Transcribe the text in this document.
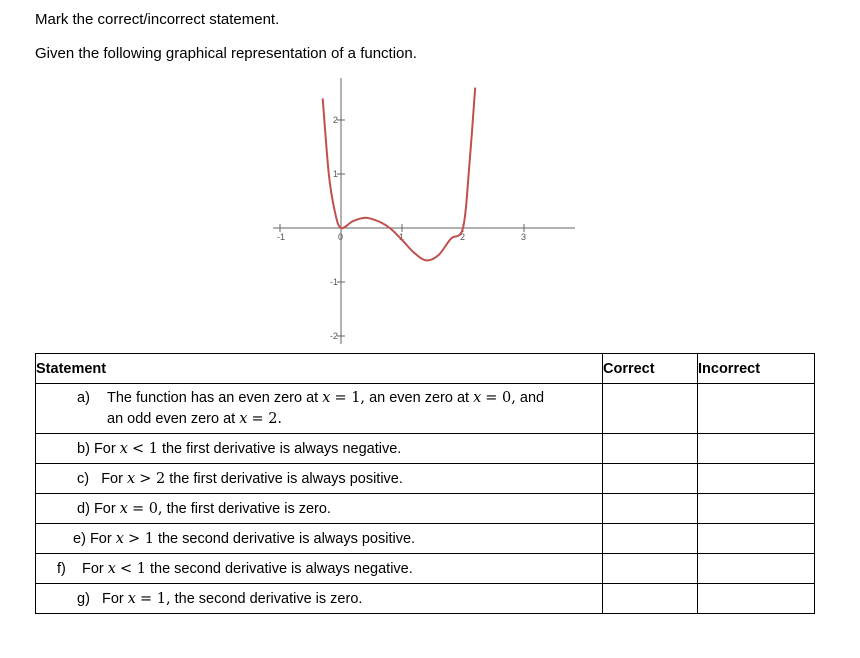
Mark the correct/incorrect statement.
Given the following graphical representation of a function.
-1	0	1	2	3
2
1
-1
-2
Statement	Correct	Incorrect

a) The function has an even zero at x = 1, an even zero at x = 0, and
an odd even zero at x = 2.		

b) For x < 1 the first derivative is always negative.		

c) For x > 2 the first derivative is always positive.		

d) For x = 0, the first derivative is zero.		

e) For x > 1 the second derivative is always positive.		

f) For x < 1 the second derivative is always negative.		

g) For x = 1, the second derivative is zero.		
